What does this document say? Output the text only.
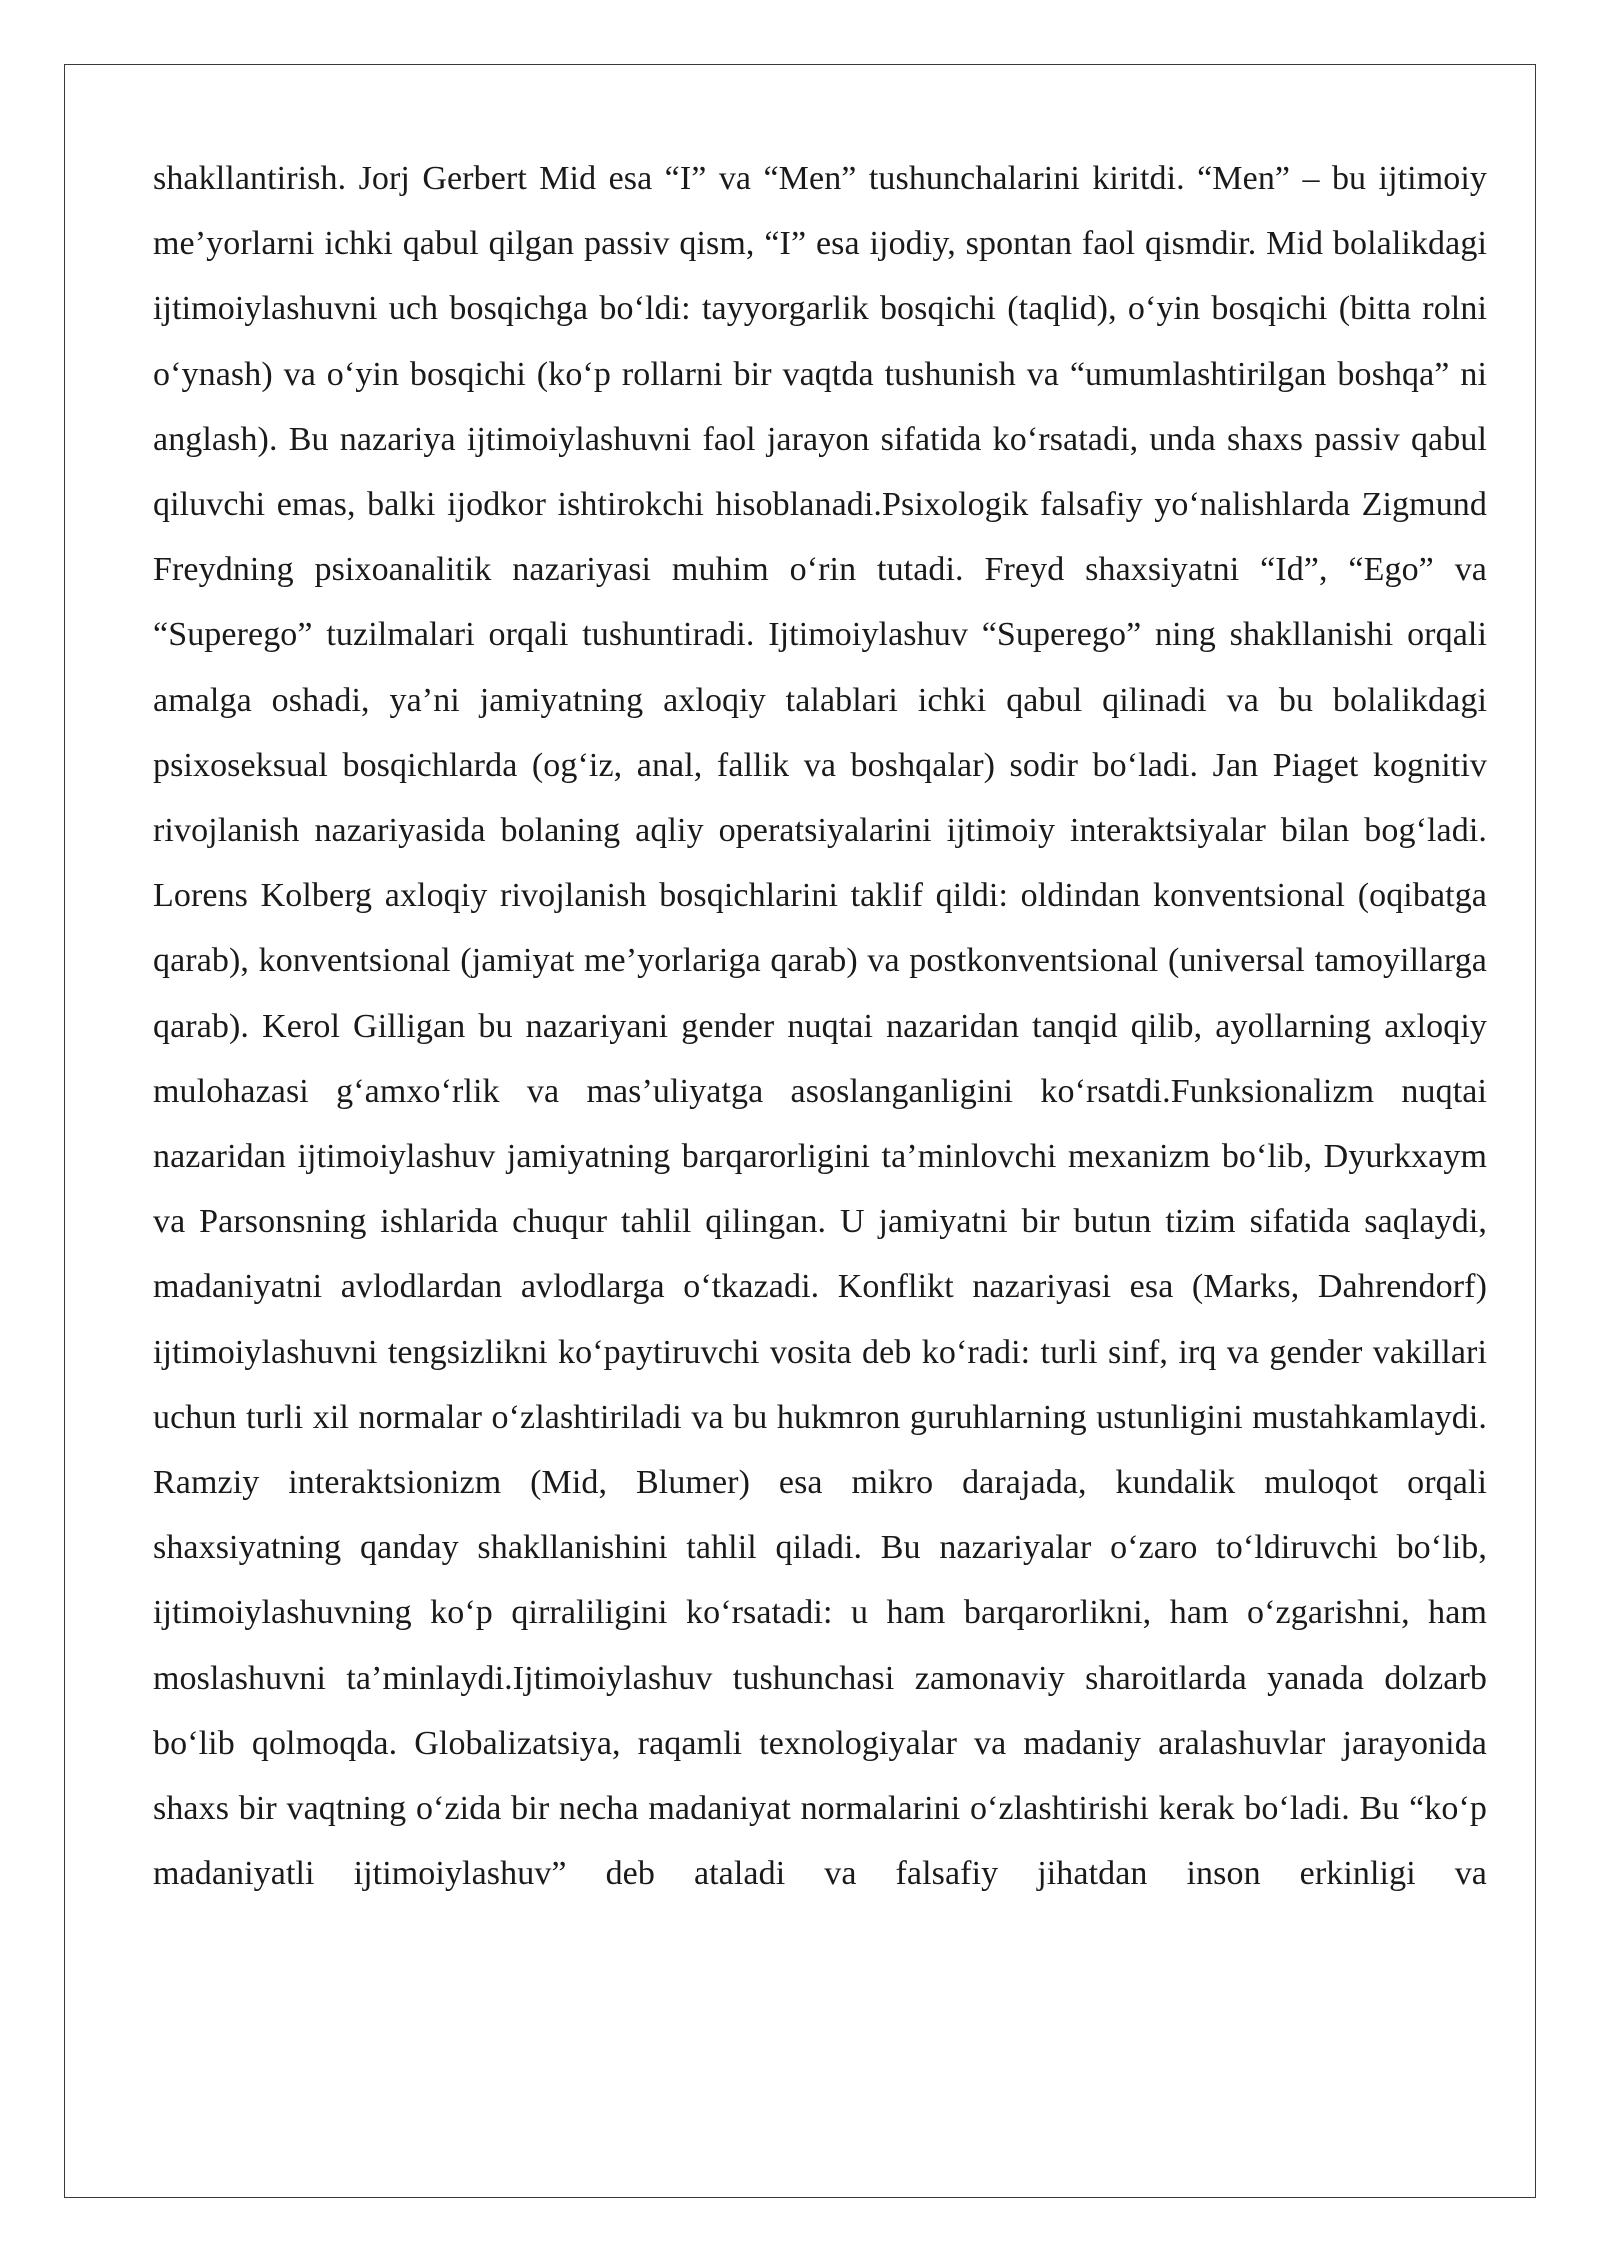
shakllantirish. Jorj Gerbert Mid esa “I” va “Men” tushunchalarini kiritdi. “Men” – bu ijtimoiy me’yorlarni ichki qabul qilgan passiv qism, “I” esa ijodiy, spontan faol qismdir. Mid bolalikdagi ijtimoiylashuvni uch bosqichga bo‘ldi: tayyorgarlik bosqichi (taqlid), o‘yin bosqichi (bitta rolni o‘ynash) va o‘yin bosqichi (ko‘p rollarni bir vaqtda tushunish va “umumlashtirilgan boshqa” ni anglash). Bu nazariya ijtimoiylashuvni faol jarayon sifatida ko‘rsatadi, unda shaxs passiv qabul qiluvchi emas, balki ijodkor ishtirokchi hisoblanadi.Psixologik falsafiy yo‘nalishlarda Zigmund Freydning psixoanalitik nazariyasi muhim o‘rin tutadi. Freyd shaxsiyatni “Id”, “Ego” va “Superego” tuzilmalari orqali tushuntiradi. Ijtimoiylashuv “Superego” ning shakllanishi orqali amalga oshadi, ya’ni jamiyatning axloqiy talablari ichki qabul qilinadi va bu bolalikdagi psixoseksual bosqichlarda (og‘iz, anal, fallik va boshqalar) sodir bo‘ladi. Jan Piaget kognitiv rivojlanish nazariyasida bolaning aqliy operatsiyalarini ijtimoiy interaktsiyalar bilan bog‘ladi. Lorens Kolberg axloqiy rivojlanish bosqichlarini taklif qildi: oldindan konventsional (oqibatga qarab), konventsional (jamiyat me’yorlariga qarab) va postkonventsional (universal tamoyillarga qarab). Kerol Gilligan bu nazariyani gender nuqtai nazaridan tanqid qilib, ayollarning axloqiy mulohazasi g‘amxo‘rlik va mas’uliyatga asoslanganligini ko‘rsatdi.Funksionalizm nuqtai nazaridan ijtimoiylashuv jamiyatning barqarorligini ta’minlovchi mexanizm bo‘lib, Dyurkxaym va Parsonsning ishlarida chuqur tahlil qilingan. U jamiyatni bir butun tizim sifatida saqlaydi, madaniyatni avlodlardan avlodlarga o‘tkazadi. Konflikt nazariyasi esa (Marks, Dahrendorf) ijtimoiylashuvni tengsizlikni ko‘paytiruvchi vosita deb ko‘radi: turli sinf, irq va gender vakillari uchun turli xil normalar o‘zlashtiriladi va bu hukmron guruhlarning ustunligini mustahkamlaydi. Ramziy interaktsionizm (Mid, Blumer) esa mikro darajada, kundalik muloqot orqali shaxsiyatning qanday shakllanishini tahlil qiladi. Bu nazariyalar o‘zaro to‘ldiruvchi bo‘lib, ijtimoiylashuvning ko‘p qirraliligini ko‘rsatadi: u ham barqarorlikni, ham o‘zgarishni, ham moslashuvni ta’minlaydi.Ijtimoiylashuv tushunchasi zamonaviy sharoitlarda yanada dolzarb bo‘lib qolmoqda. Globalizatsiya, raqamli texnologiyalar va madaniy aralashuvlar jarayonida shaxs bir vaqtning o‘zida bir necha madaniyat normalarini o‘zlashtirishi kerak bo‘ladi. Bu “ko‘p madaniyatli ijtimoiylashuv” deb ataladi va falsafiy jihatdan inson erkinligi va
